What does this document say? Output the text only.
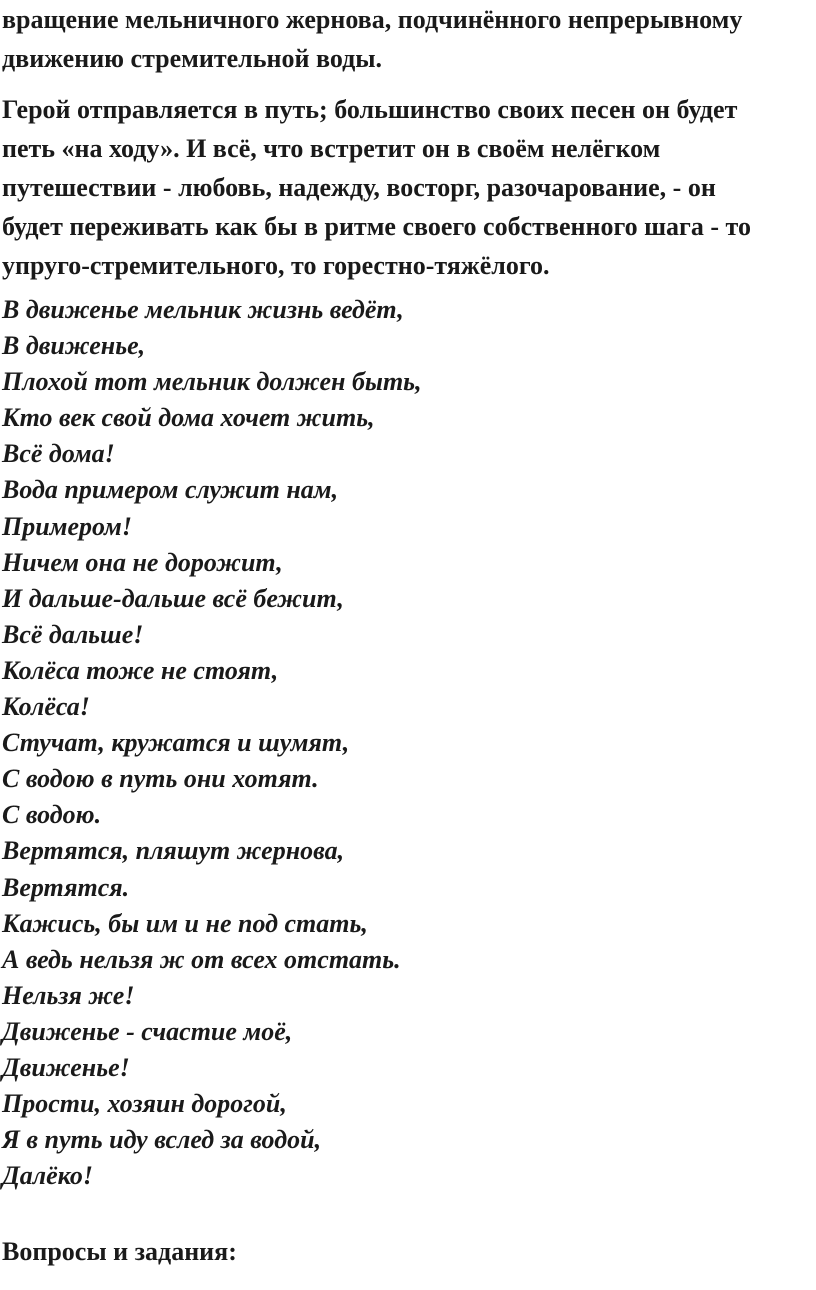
вращение мельничного жернова, подчинённого непрерывному
движению стремительной воды.

Герой отправляется в путь; большинство своих песен он будет
петь «на ходу». И всё, что встретит он в своём нелёгком
путешествии - любовь, надежду, восторг, разочарование, - он
будет переживать как бы в ритме своего собственного шага - то
упруго-стремительного, то горестно-тяжёлого.

В движенье мельник жизнь ведёт,
В движенье,
Плохой тот мельник должен быть,
Кто век свой дома хочет жить,
Всё дома!
Вода примером служит нам,
Примером!
Ничем она не дорожит,
И дальше-дальше всё бежит,
Всё дальше!
Колёса тоже не стоят,
Колёса!
Стучат, кружатся и шумят,
С водою в путь они хотят.
С водою.
Вертятся, пляшут жернова,
Вертятся.
Кажись, бы им и не под стать,
А ведь нельзя ж от всех отстать.
Нельзя же!
Движенье - счастие моё,
Движенье!
Прости, хозяин дорогой,
Я в путь иду вслед за водой,
Далёко!

Вопросы и задания:
